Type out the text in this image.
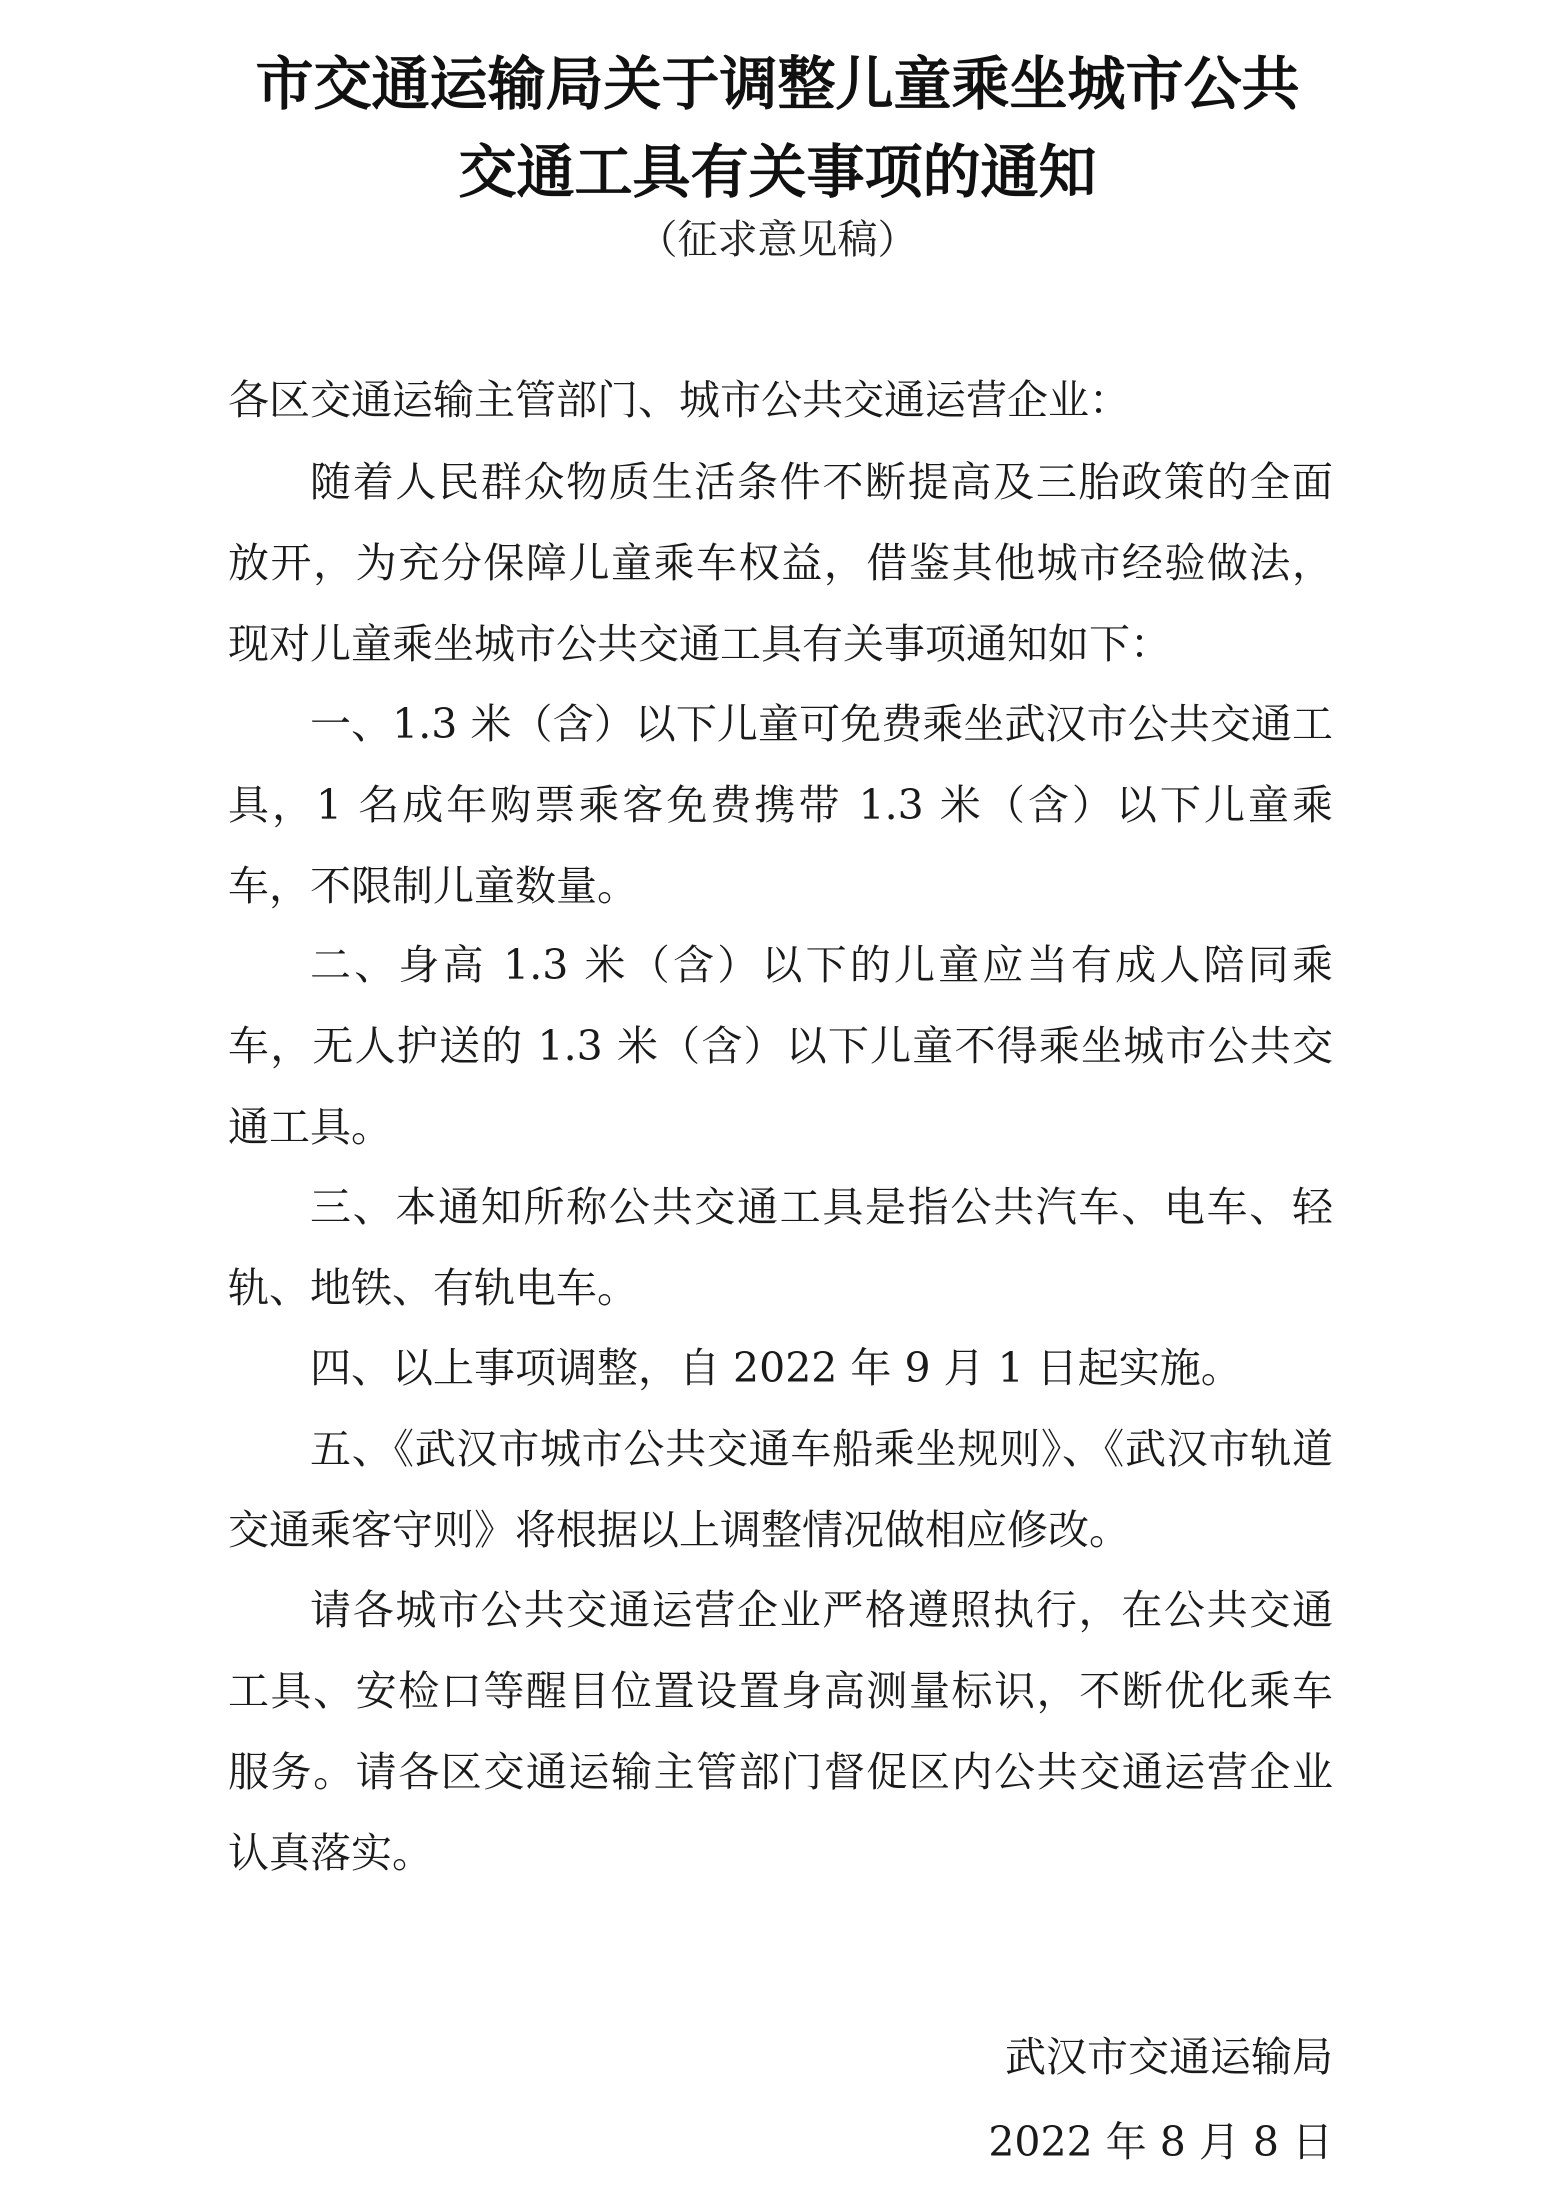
市交通运输局关于调整儿童乘坐城市公共
交通工具有关事项的通知
（征求意见稿）
各区交通运输主管部门、城市公共交通运营企业：
随着人民群众物质生活条件不断提高及三胎政策的全面放开，为充分保障儿童乘车权益，借鉴其他城市经验做法，现对儿童乘坐城市公共交通工具有关事项通知如下：
一、1.3 米（含）以下儿童可免费乘坐武汉市公共交通工具，1 名成年购票乘客免费携带 1.3 米（含）以下儿童乘车，不限制儿童数量。
二、身高 1.3 米（含）以下的儿童应当有成人陪同乘车，无人护送的 1.3 米（含）以下儿童不得乘坐城市公共交通工具。
三、本通知所称公共交通工具是指公共汽车、电车、轻轨、地铁、有轨电车。
四、以上事项调整，自 2022 年 9 月 1 日起实施。
五、《武汉市城市公共交通车船乘坐规则》、《武汉市轨道交通乘客守则》将根据以上调整情况做相应修改。
请各城市公共交通运营企业严格遵照执行，在公共交通工具、安检口等醒目位置设置身高测量标识，不断优化乘车服务。请各区交通运输主管部门督促区内公共交通运营企业认真落实。
武汉市交通运输局
2022 年 8 月 8 日
